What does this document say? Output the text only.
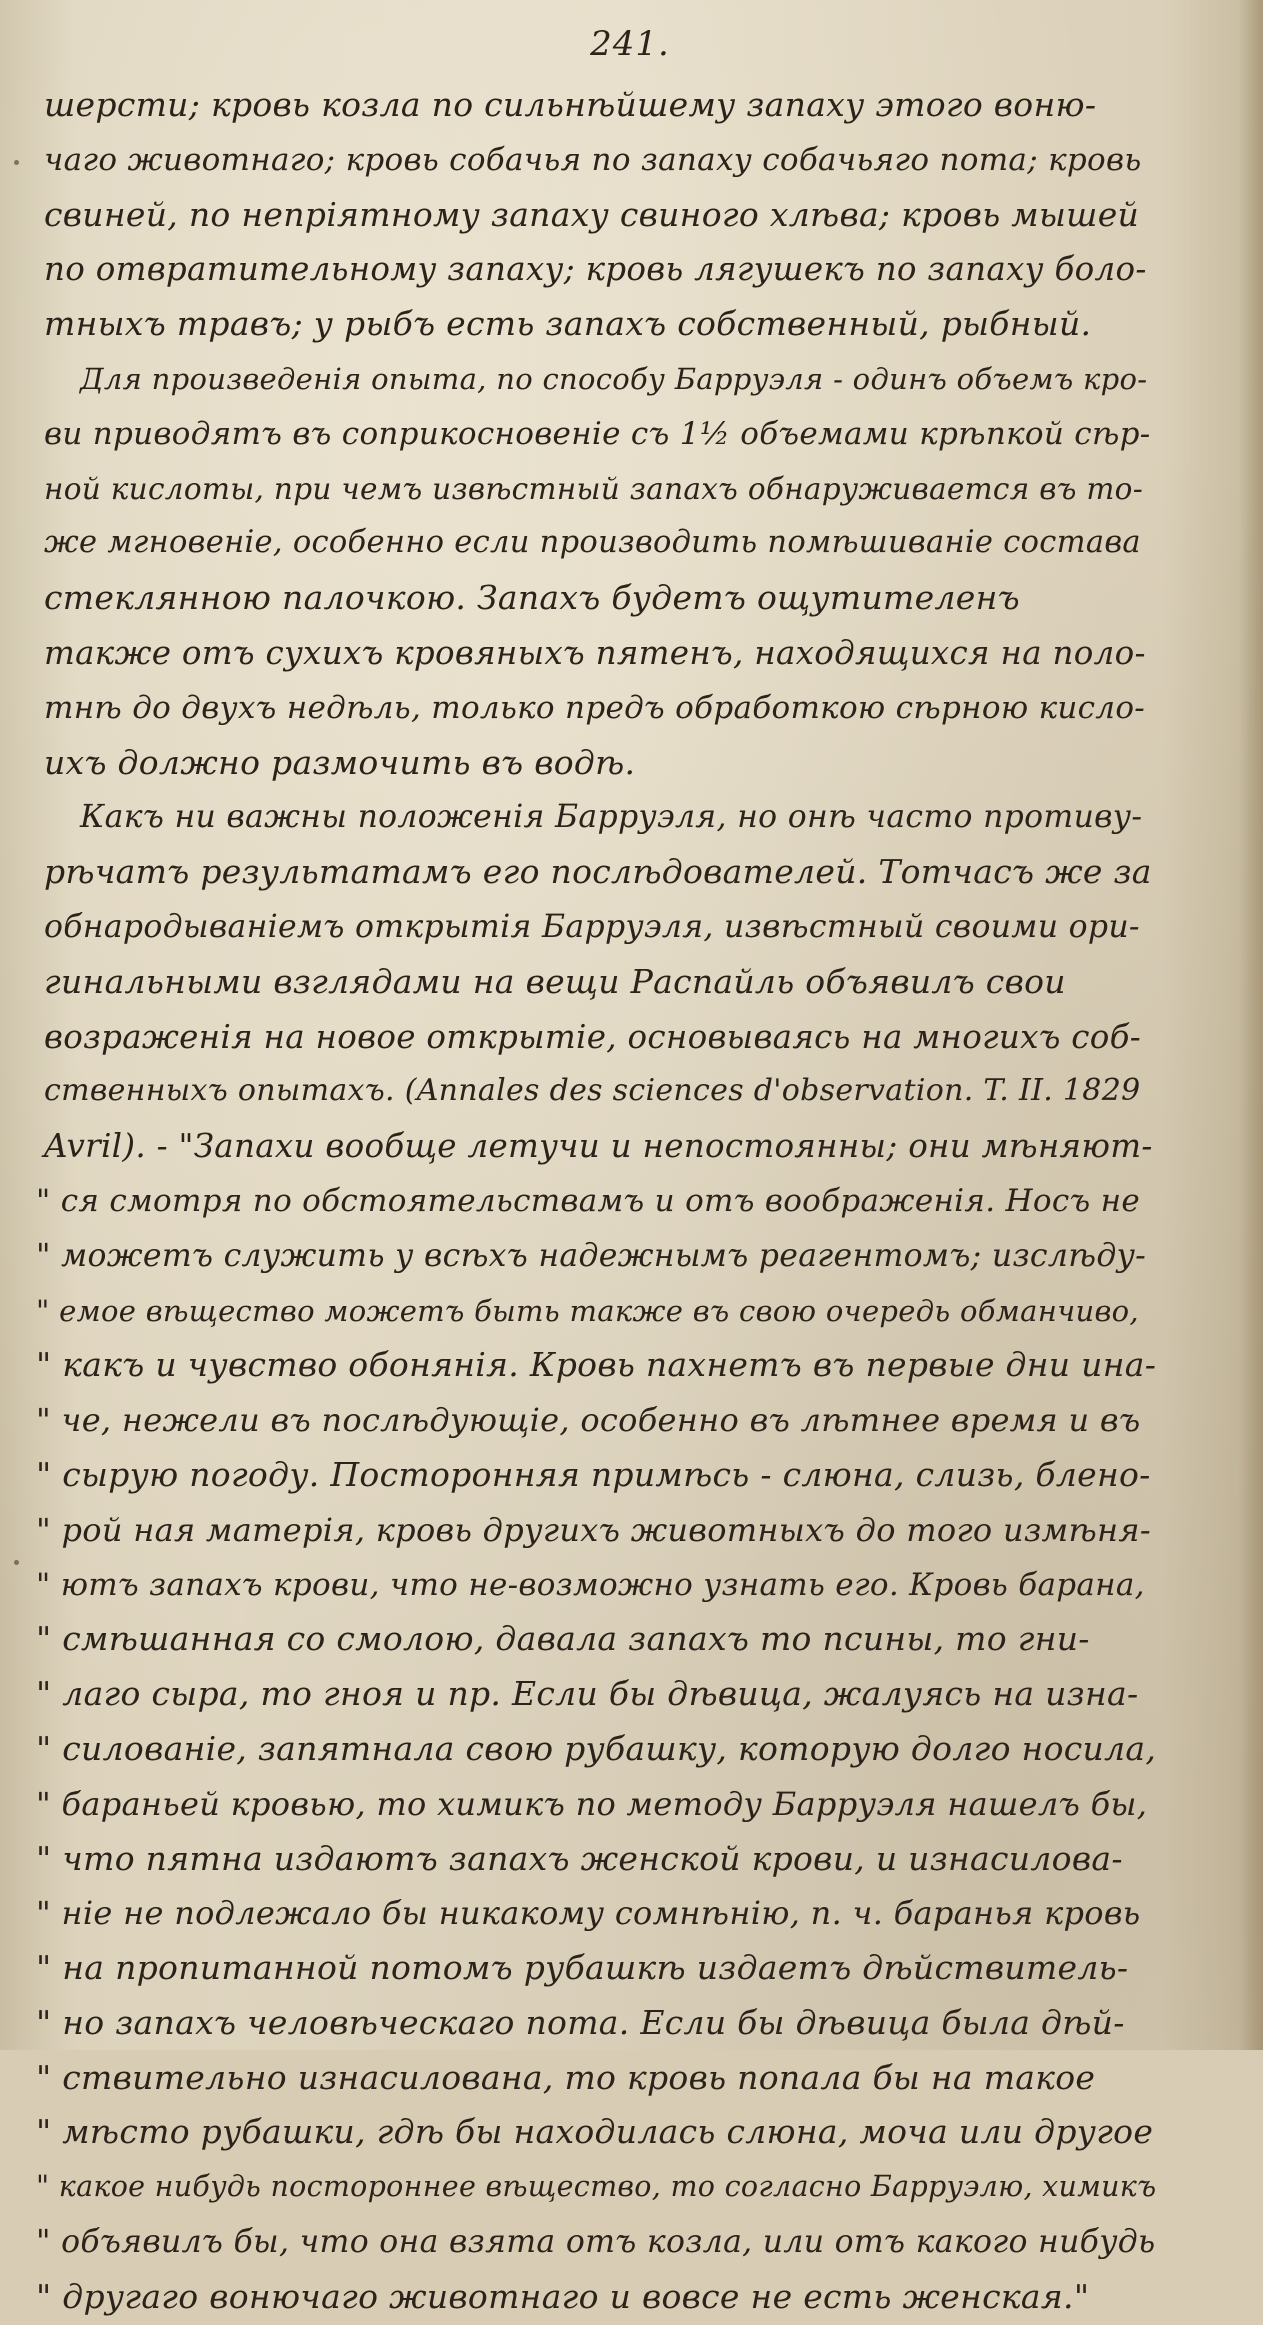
241.
шерсти; кровь козла по сильнѣйшему запаху этого воню-
чаго животнаго; кровь собачья по запаху собачьяго пота; кровь
свиней, по непріятному запаху свиного хлѣва; кровь мышей
по отвратительному запаху; кровь лягушекъ по запаху боло-
тныхъ травъ; у рыбъ есть запахъ собственный, рыбный.
Для произведенія опыта, по способу Барруэля - одинъ объемъ кро-
ви приводятъ въ соприкосновеніе съ 1½ объемами крѣпкой сѣр-
ной кислоты, при чемъ извѣстный запахъ обнаруживается въ то-
же мгновеніе, особенно если производить помѣшиваніе состава
стеклянною палочкою. Запахъ будетъ ощутителенъ
также отъ сухихъ кровяныхъ пятенъ, находящихся на поло-
тнѣ до двухъ недѣль, только предъ обработкою сѣрною кисло-
ихъ должно размочить въ водѣ.
Какъ ни важны положенія Барруэля, но онѣ часто противу-
рѣчатъ результатамъ его послѣдователей. Тотчасъ же за
обнародываніемъ открытія Барруэля, извѣстный своими ори-
гинальными взглядами на вещи Распайль объявилъ свои
возраженія на новое открытіе, основываясь на многихъ соб-
ственныхъ опытахъ. (Annales des sciences d'observation. T. II. 1829
Avril). - "Запахи вообще летучи и непостоянны; они мѣняют-
" ся смотря по обстоятельствамъ и отъ воображенія. Носъ не
" можетъ служить у всѣхъ надежнымъ реагентомъ; изслѣду-
" емое вѣщество можетъ быть также въ свою очередь обманчиво,
" какъ и чувство обонянія. Кровь пахнетъ въ первые дни ина-
" че, нежели въ послѣдующіе, особенно въ лѣтнее время и въ
" сырую погоду. Посторонняя примѣсь - слюна, слизь, блено-
" рой ная матерія, кровь другихъ животныхъ до того измѣня-
" ютъ запахъ крови, что не-возможно узнать его. Кровь барана,
" смѣшанная со смолою, давала запахъ то псины, то гни-
" лаго сыра, то гноя и пр. Если бы дѣвица, жалуясь на изна-
" силованіе, запятнала свою рубашку, которую долго носила,
" бараньей кровью, то химикъ по методу Барруэля нашелъ бы,
" что пятна издаютъ запахъ женской крови, и изнасилова-
" ніе не подлежало бы никакому сомнѣнію, п. ч. баранья кровь
" на пропитанной потомъ рубашкѣ издаетъ дѣйствитель-
" но запахъ человѣческаго пота. Если бы дѣвица была дѣй-
" ствительно изнасилована, то кровь попала бы на такое
" мѣсто рубашки, гдѣ бы находилась слюна, моча или другое
" какое нибудь постороннее вѣщество, то согласно Барруэлю, химикъ
" объявилъ бы, что она взята отъ козла, или отъ какого нибудь
" другаго вонючаго животнаго и вовсе не есть женская."
